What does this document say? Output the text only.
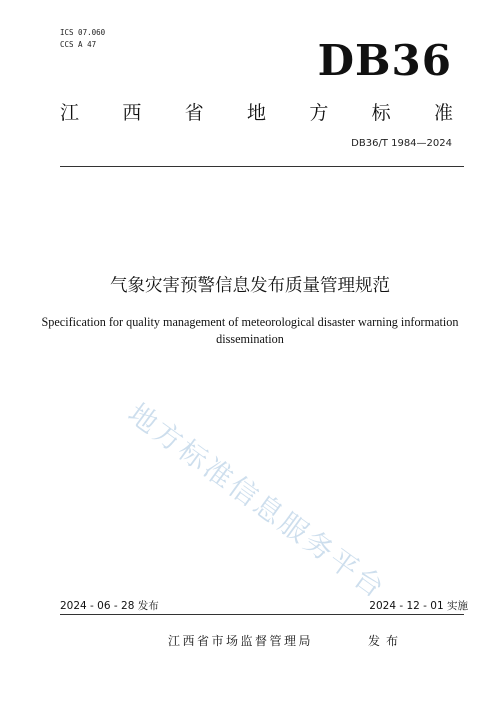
ICS 07.060
CCS A 47	DB36
江 西 省 地 方 标 准
DB36/T 1984—2024
气象灾害预警信息发布质量管理规范
Specification for quality management of meteorological disaster warning information dissemination
地方标准信息服务平台
2024 - 06 - 28 发布	2024 - 12 - 01 实施
江西省市场监督管理局	发布
